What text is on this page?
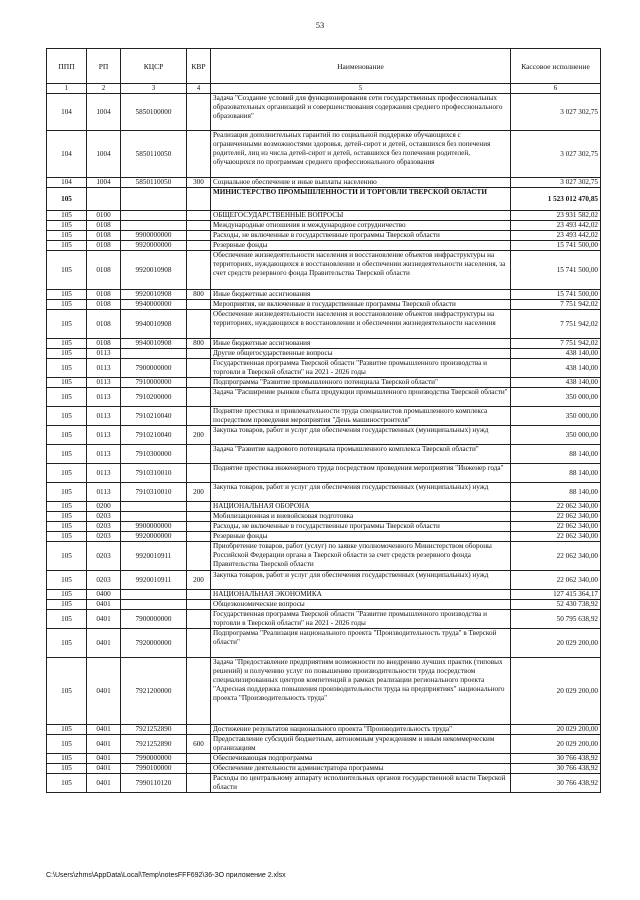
53
ППП	РП	КЦСР	КВР	Наименование	Кассовое исполнение
1	2	3	4	5	6
104	1004	5850100000		Задача "Создание условий для функционирования сети государственных профессиональных образовательных организаций и совершенствования содержания среднего профессионального образования"	3 027 302,75
104	1004	5850110050		Реализация дополнительных гарантий по социальной поддержке обучающихся с ограниченными возможностями здоровья, детей-сирот и детей, оставшихся без попечения родителей, лиц из числа детей-сирот и детей, оставшихся без попечения родителей, обучающихся по программам среднего профессионального образования	3 027 302,75
104	1004	5850110050	300	Социальное обеспечение и иные выплаты населению	3 027 302,75
105				МИНИСТЕРСТВО ПРОМЫШЛЕННОСТИ И ТОРГОВЛИ ТВЕРСКОЙ ОБЛАСТИ	1 523 012 470,85
105	0100			ОБЩЕГОСУДАРСТВЕННЫЕ ВОПРОСЫ	23 931 582,02
105	0108			Международные отношения и международное сотрудничество	23 493 442,02
105	0108	9900000000		Расходы, не включенные в государственные программы Тверской области	23 493 442,02
105	0108	9920000000		Резервные фонды	15 741 500,00
105	0108	9920010908		Обеспечение жизнедеятельности населения и восстановление объектов инфраструктуры на территориях, нуждающихся в восстановлении и обеспечении жизнедеятельности населения, за счет средств резервного фонда Правительства Тверской области	15 741 500,00
105	0108	9920010908	800	Иные бюджетные ассигнования	15 741 500,00
105	0108	9940000000		Мероприятия, не включенные в государственные программы Тверской области	7 751 942,02
105	0108	9940010908		Обеспечение жизнедеятельности населения и восстановление объектов инфраструктуры на территориях, нуждающихся в восстановлении и обеспечении жизнедеятельности населения	7 751 942,02
105	0108	9940010908	800	Иные бюджетные ассигнования	7 751 942,02
105	0113			Другие общегосударственные вопросы	438 140,00
105	0113	7900000000		Государственная программа Тверской области "Развитие промышленного производства и торговли в Тверской области" на 2021 - 2026 годы	438 140,00
105	0113	7910000000		Подпрограмма "Развитие промышленного потенциала Тверской области"	438 140,00
105	0113	7910200000		Задача "Расширение рынков сбыта продукции промышленного производства Тверской области"	350 000,00
105	0113	7910210040		Поднятие престижа и привлекательности труда специалистов промышленного комплекса посредством проведения мероприятия "День машиностроителя"	350 000,00
105	0113	7910210040	200	Закупка товаров, работ и услуг для обеспечения государственных (муниципальных) нужд	350 000,00
105	0113	7910300000		Задача "Развитие кадрового потенциала промышленного комплекса Тверской области"	88 140,00
105	0113	7910310010		Поднятие престижа инженерного труда посредством проведения мероприятия "Инженер года"	88 140,00
105	0113	7910310010	200	Закупка товаров, работ и услуг для обеспечения государственных (муниципальных) нужд	88 140,00
105	0200			НАЦИОНАЛЬНАЯ ОБОРОНА	22 062 340,00
105	0203			Мобилизационная и вневойсковая подготовка	22 062 340,00
105	0203	9900000000		Расходы, не включенные в государственные программы Тверской области	22 062 340,00
105	0203	9920000000		Резервные фонды	22 062 340,00
105	0203	9920010911		Приобретение товаров, работ (услуг) по заявке уполномоченного Министерством обороны Российской Федерации органа в Тверской области за счет средств резервного фонда Правительства Тверской области	22 062 340,00
105	0203	9920010911	200	Закупка товаров, работ и услуг для обеспечения государственных (муниципальных) нужд	22 062 340,00
105	0400			НАЦИОНАЛЬНАЯ ЭКОНОМИКА	127 415 364,17
105	0401			Общеэкономические вопросы	52 430 738,92
105	0401	7900000000		Государственная программа Тверской области "Развитие промышленного производства и торговли в Тверской области" на 2021 - 2026 годы	50 795 638,92
105	0401	7920000000		Подпрограмма "Реализация национального проекта "Производительность труда" в Тверской области"	20 029 200,00
105	0401	7921200000		Задача "Предоставление предприятиям возможности по внедрению лучших практик (типовых решений) и получению услуг по повышению производительности труда посредством специализированных центров компетенций в рамках реализации регионального проекта "Адресная поддержка повышения производительности труда на предприятиях" национального проекта "Производительность труда"	20 029 200,00
105	0401	7921252890		Достижение результатов национального проекта "Производительность труда"	20 029 200,00
105	0401	7921252890	600	Предоставление субсидий бюджетным, автономным учреждениям и иным некоммерческим организациям	20 029 200,00
105	0401	7990000000		Обеспечивающая подпрограмма	30 766 438,92
105	0401	7990100000		Обеспечение деятельности администратора программы	30 766 438,92
105	0401	7990110120		Расходы по центральному аппарату исполнительных органов государственной власти Тверской области	30 766 438,92
C:\Users\zhms\AppData\Local\Temp\notesFFF692\36-ЗО приложение 2.xlsx
